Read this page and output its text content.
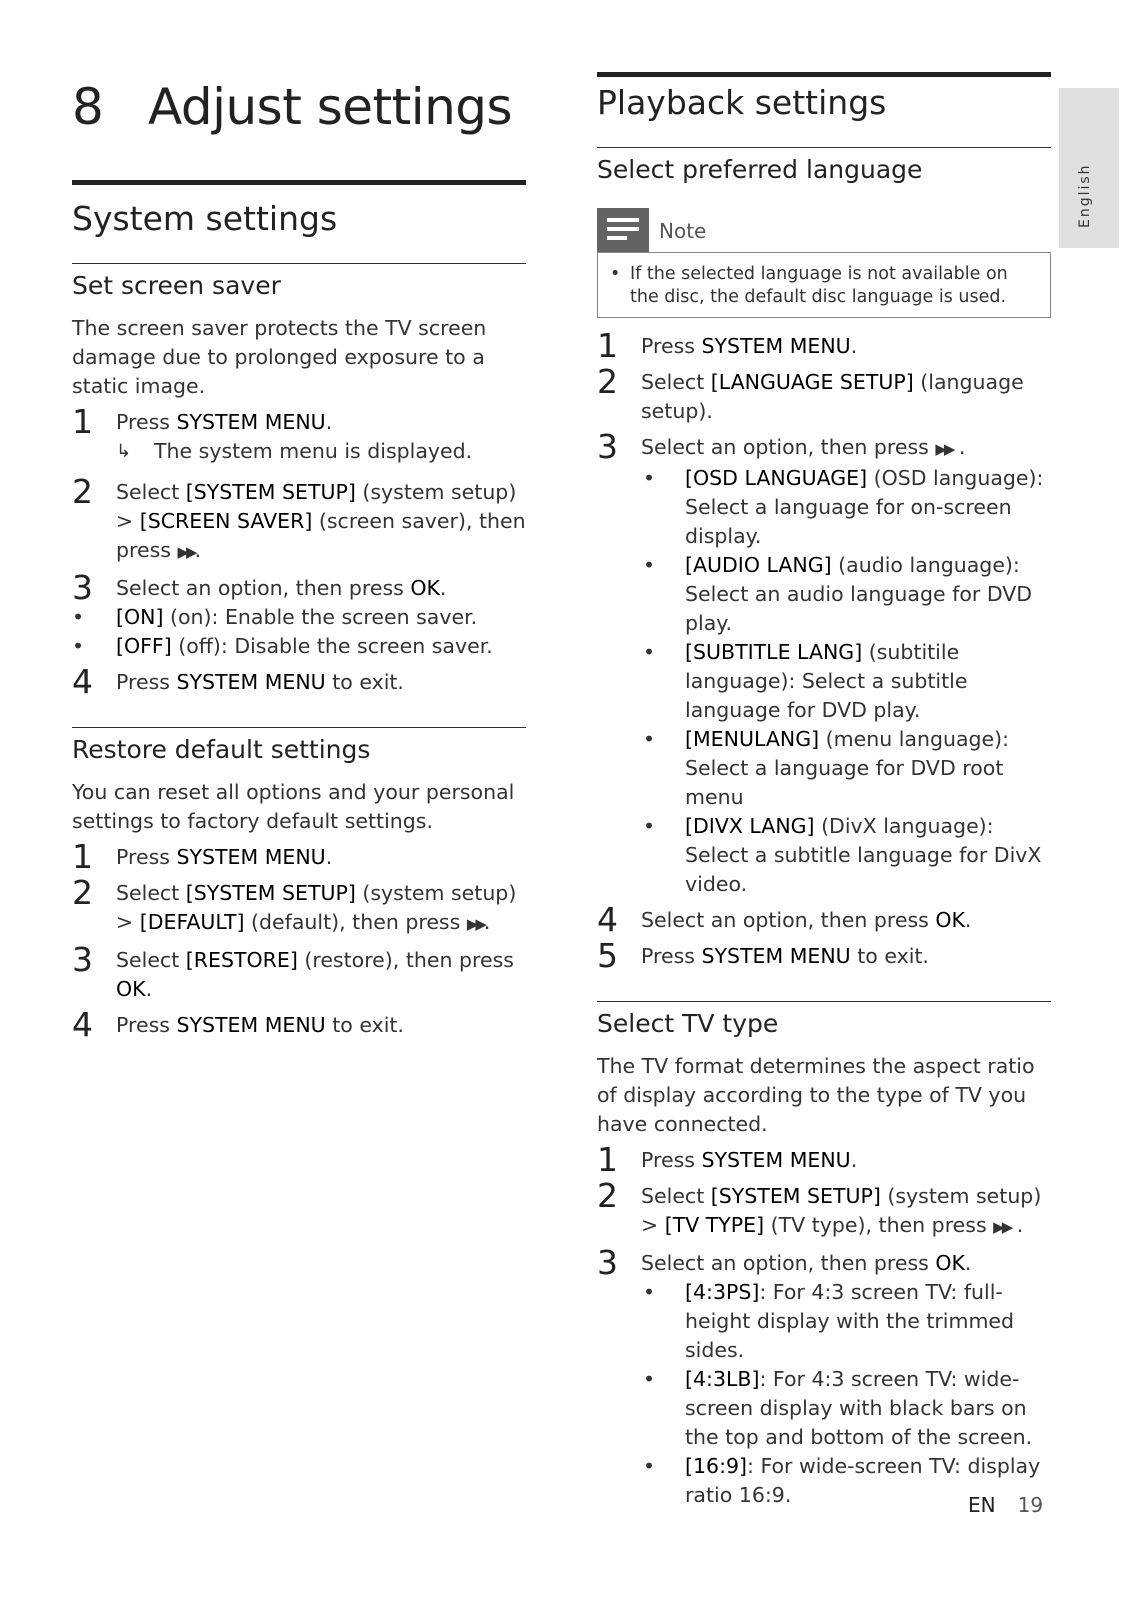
English
8 Adjust settings
System settings
Set screen saver

The screen saver protects the TV screen damage due to prolonged exposure to a static image.

1 Press SYSTEM MENU.
↳ The system menu is displayed.
2 Select [SYSTEM SETUP] (system setup) > [SCREEN SAVER] (screen saver), then press ▶▶.
3 Select an option, then press OK.
• [ON] (on): Enable the screen saver.
• [OFF] (off): Disable the screen saver.
4 Press SYSTEM MENU to exit.
Restore default settings

You can reset all options and your personal settings to factory default settings.

1 Press SYSTEM MENU.
2 Select [SYSTEM SETUP] (system setup) > [DEFAULT] (default), then press ▶▶.
3 Select [RESTORE] (restore), then press OK.
4 Press SYSTEM MENU to exit.
Playback settings
Select preferred language
Note
• If the selected language is not available on the disc, the default disc language is used.
1 Press SYSTEM MENU.
2 Select [LANGUAGE SETUP] (language setup).
3 Select an option, then press ▶▶ .
• [OSD LANGUAGE] (OSD language): Select a language for on-screen display.
• [AUDIO LANG] (audio language): Select an audio language for DVD play.
• [SUBTITLE LANG] (subtitile language): Select a subtitle language for DVD play.
• [MENULANG] (menu language): Select a language for DVD root menu
• [DIVX LANG] (DivX language): Select a subtitle language for DivX video.
4 Select an option, then press OK.
5 Press SYSTEM MENU to exit.
Select TV type

The TV format determines the aspect ratio of display according to the type of TV you have connected.

1 Press SYSTEM MENU.
2 Select [SYSTEM SETUP] (system setup) > [TV TYPE] (TV type), then press ▶▶ .
3 Select an option, then press OK.
• [4:3PS]: For 4:3 screen TV: full-height display with the trimmed sides.
• [4:3LB]: For 4:3 screen TV: wide-screen display with black bars on the top and bottom of the screen.
• [16:9]: For wide-screen TV: display ratio 16:9.	EN 19
